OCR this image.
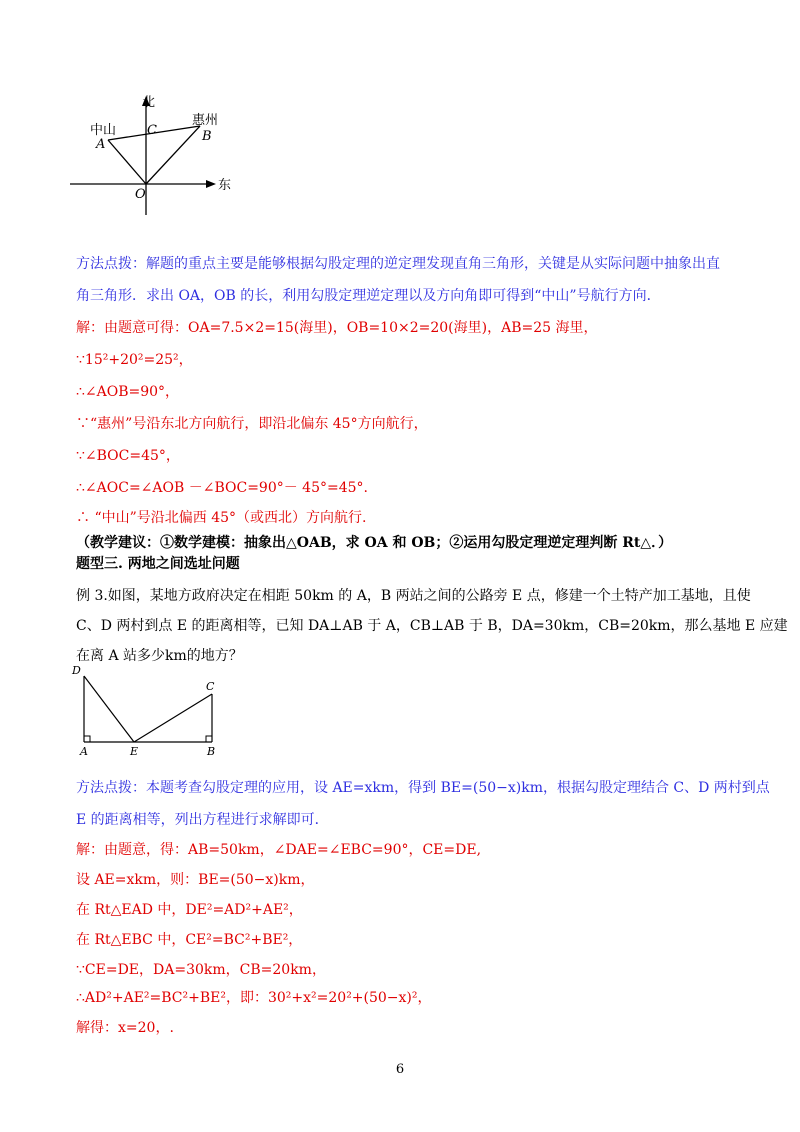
北
东
中山
惠州
A
B
C
O
方法点拨：解题的重点主要是能够根据勾股定理的逆定理发现直角三角形，关键是从实际问题中抽象出直
角三角形．求出 OA，OB 的长，利用勾股定理逆定理以及方向角即可得到“中山”号航行方向．
解：由题意可得：OA=7.5×2=15(海里)，OB=10×2=20(海里)，AB=25 海里，
∵15²+20²=25²，
∴∠AOB=90°，
∵“惠州”号沿东北方向航行，即沿北偏东 45°方向航行，
∵∠BOC=45°，
∴∠AOC=∠AOB －∠BOC=90°－ 45°=45°.
∴ “中山”号沿北偏西 45°（或西北）方向航行.
（教学建议：①数学建模：抽象出△OAB，求 OA 和 OB；②运用勾股定理逆定理判断 Rt△．）
题型三. 两地之间选址问题
例 3.如图，某地方政府决定在相距 50km 的 A，B 两站之间的公路旁 E 点，修建一个土特产加工基地，且使
C、D 两村到点 E 的距离相等，已知 DA⊥AB 于 A，CB⊥AB 于 B，DA=30km，CB=20km，那么基地 E 应建
在离 A 站多少km的地方？
D
C
A	E	B
方法点拨：本题考查勾股定理的应用，设 AE=xkm，得到 BE=(50−x)km，根据勾股定理结合 C、D 两村到点
E 的距离相等，列出方程进行求解即可．
解：由题意，得：AB=50km，∠DAE=∠EBC=90°，CE=DE,
设 AE=xkm，则：BE=(50−x)km，
在 Rt△EAD 中，DE²=AD²+AE²，
在 Rt△EBC 中，CE²=BC²+BE²，
∵CE=DE，DA=30km，CB=20km，
∴AD²+AE²=BC²+BE²，即：30²+x²=20²+(50−x)²，
解得：x=20，.
6
